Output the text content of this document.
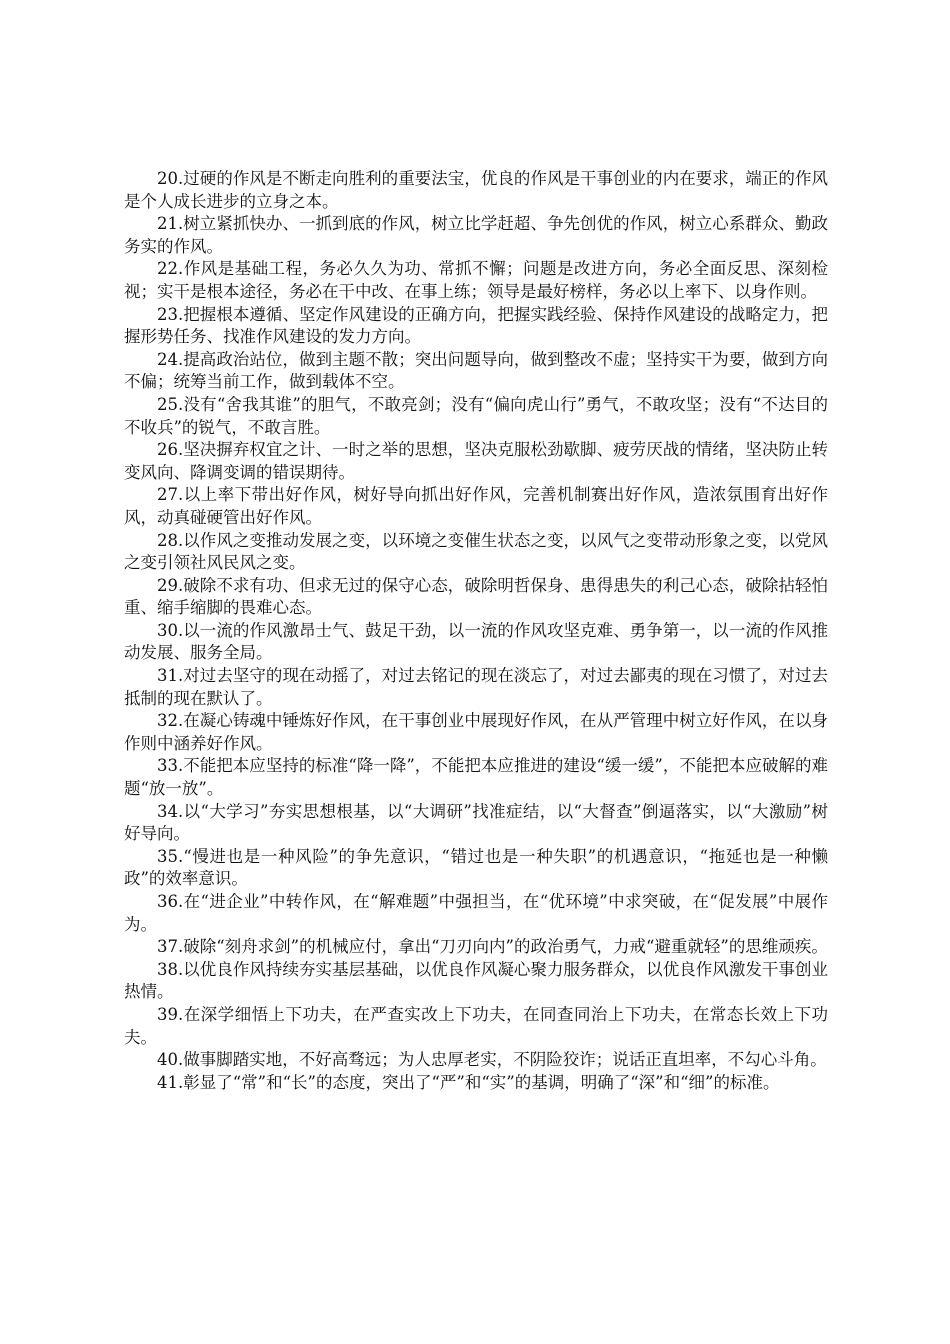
20.过硬的作风是不断走向胜利的重要法宝，优良的作风是干事创业的内在要求，端正的作风是个人成长进步的立身之本。

21.树立紧抓快办、一抓到底的作风，树立比学赶超、争先创优的作风，树立心系群众、勤政务实的作风。

22.作风是基础工程，务必久久为功、常抓不懈；问题是改进方向，务必全面反思、深刻检视；实干是根本途径，务必在干中改、在事上练；领导是最好榜样，务必以上率下、以身作则。

23.把握根本遵循、坚定作风建设的正确方向，把握实践经验、保持作风建设的战略定力，把握形势任务、找准作风建设的发力方向。

24.提高政治站位，做到主题不散；突出问题导向，做到整改不虚；坚持实干为要，做到方向不偏；统筹当前工作，做到载体不空。

25.没有“舍我其谁”的胆气，不敢亮剑；没有“偏向虎山行”勇气，不敢攻坚；没有“不达目的不收兵”的锐气，不敢言胜。

26.坚决摒弃权宜之计、一时之举的思想，坚决克服松劲歇脚、疲劳厌战的情绪，坚决防止转变风向、降调变调的错误期待。

27.以上率下带出好作风，树好导向抓出好作风，完善机制赛出好作风，造浓氛围育出好作风，动真碰硬管出好作风。

28.以作风之变推动发展之变，以环境之变催生状态之变，以风气之变带动形象之变，以党风之变引领社风民风之变。

29.破除不求有功、但求无过的保守心态，破除明哲保身、患得患失的利己心态，破除拈轻怕重、缩手缩脚的畏难心态。

30.以一流的作风激昂士气、鼓足干劲，以一流的作风攻坚克难、勇争第一，以一流的作风推动发展、服务全局。

31.对过去坚守的现在动摇了，对过去铭记的现在淡忘了，对过去鄙夷的现在习惯了，对过去抵制的现在默认了。

32.在凝心铸魂中锤炼好作风，在干事创业中展现好作风，在从严管理中树立好作风，在以身作则中涵养好作风。

33.不能把本应坚持的标准“降一降”，不能把本应推进的建设“缓一缓”，不能把本应破解的难题“放一放”。

34.以“大学习”夯实思想根基，以“大调研”找准症结，以“大督查”倒逼落实，以“大激励”树好导向。

35.“慢进也是一种风险”的争先意识，“错过也是一种失职”的机遇意识，“拖延也是一种懒政”的效率意识。

36.在“进企业”中转作风，在“解难题”中强担当，在“优环境”中求突破，在“促发展”中展作为。

37.破除“刻舟求剑”的机械应付，拿出“刀刃向内”的政治勇气，力戒“避重就轻”的思维顽疾。

38.以优良作风持续夯实基层基础，以优良作风凝心聚力服务群众，以优良作风激发干事创业热情。

39.在深学细悟上下功夫，在严查实改上下功夫，在同查同治上下功夫，在常态长效上下功夫。

40.做事脚踏实地，不好高骛远；为人忠厚老实，不阴险狡诈；说话正直坦率，不勾心斗角。

41.彰显了“常”和“长”的态度，突出了“严”和“实”的基调，明确了“深”和“细”的标准。
